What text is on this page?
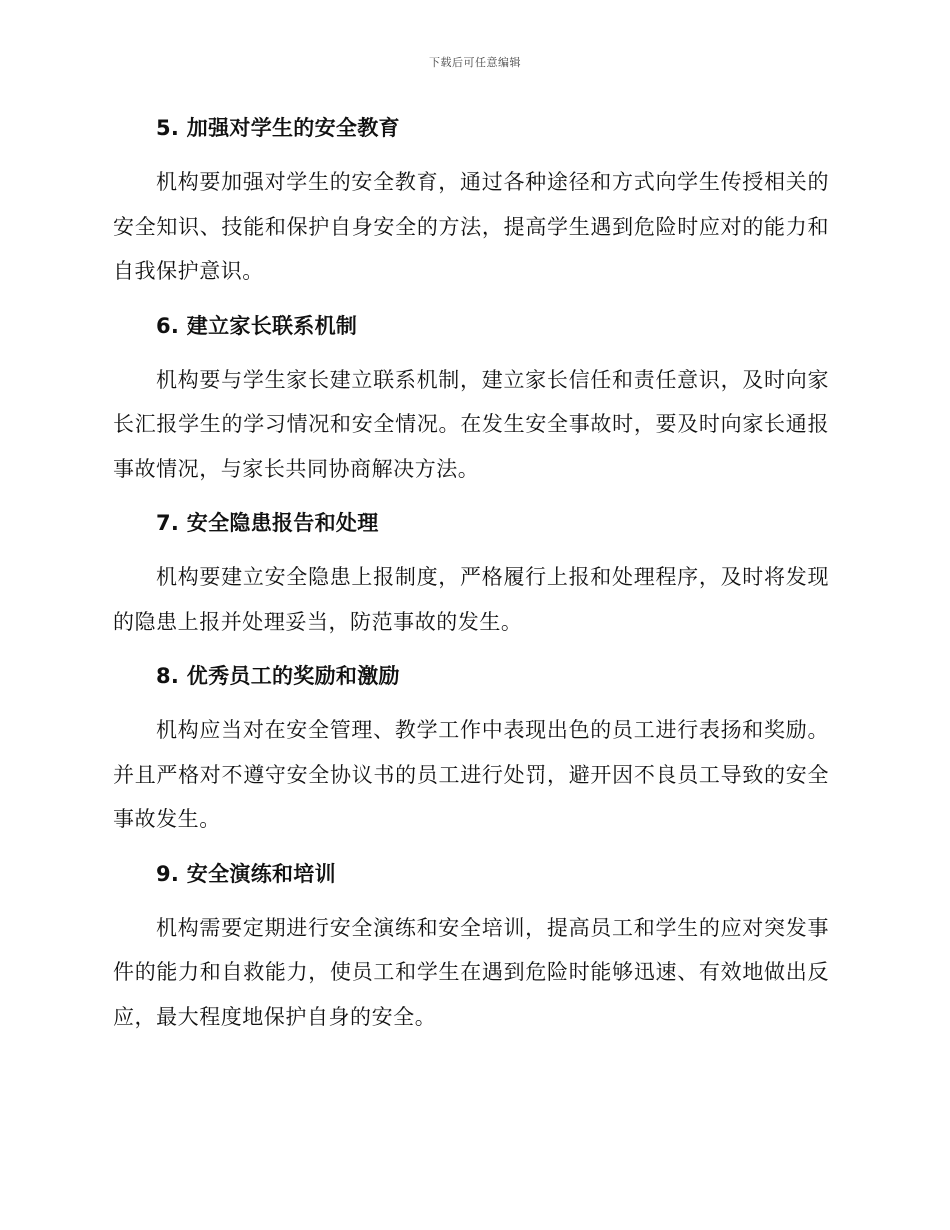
下载后可任意编辑

5. 加强对学生的安全教育

机构要加强对学生的安全教育，通过各种途径和方式向学生传授相关的安全知识、技能和保护自身安全的方法，提高学生遇到危险时应对的能力和自我保护意识。

6. 建立家长联系机制

机构要与学生家长建立联系机制，建立家长信任和责任意识，及时向家长汇报学生的学习情况和安全情况。在发生安全事故时，要及时向家长通报事故情况，与家长共同协商解决方法。

7. 安全隐患报告和处理

机构要建立安全隐患上报制度，严格履行上报和处理程序，及时将发现的隐患上报并处理妥当，防范事故的发生。

8. 优秀员工的奖励和激励

机构应当对在安全管理、教学工作中表现出色的员工进行表扬和奖励。并且严格对不遵守安全协议书的员工进行处罚，避开因不良员工导致的安全事故发生。

9. 安全演练和培训

机构需要定期进行安全演练和安全培训，提高员工和学生的应对突发事件的能力和自救能力，使员工和学生在遇到危险时能够迅速、有效地做出反应，最大程度地保护自身的安全。
